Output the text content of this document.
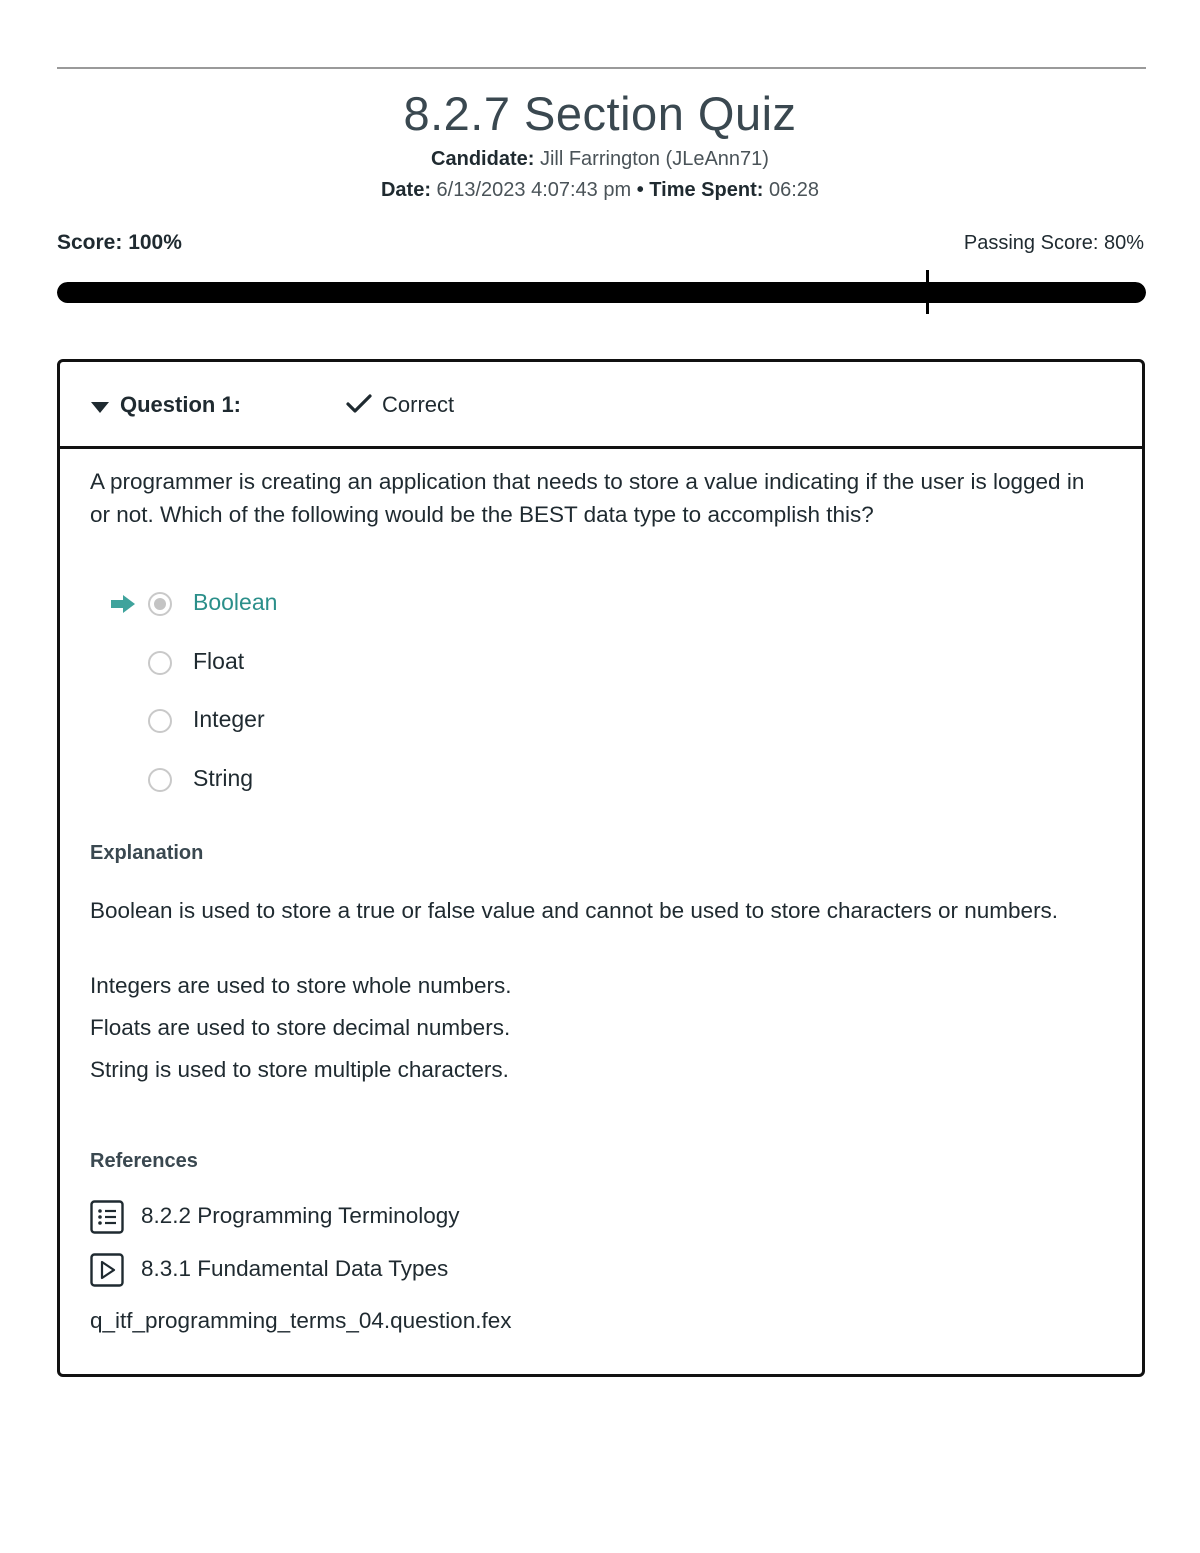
8.2.7 Section Quiz
Candidate: Jill Farrington (JLeAnn71)
Date: 6/13/2023 4:07:43 pm • Time Spent: 06:28
Score: 100%	Passing Score: 80%
Question 1:	Correct
A programmer is creating an application that needs to store a value indicating if the user is logged in or not. Which of the following would be the BEST data type to accomplish this?
Boolean
Float
Integer
String
Explanation
Boolean is used to store a true or false value and cannot be used to store characters or numbers.
Integers are used to store whole numbers.
Floats are used to store decimal numbers.
String is used to store multiple characters.
References
8.2.2 Programming Terminology
8.3.1 Fundamental Data Types
q_itf_programming_terms_04.question.fex
